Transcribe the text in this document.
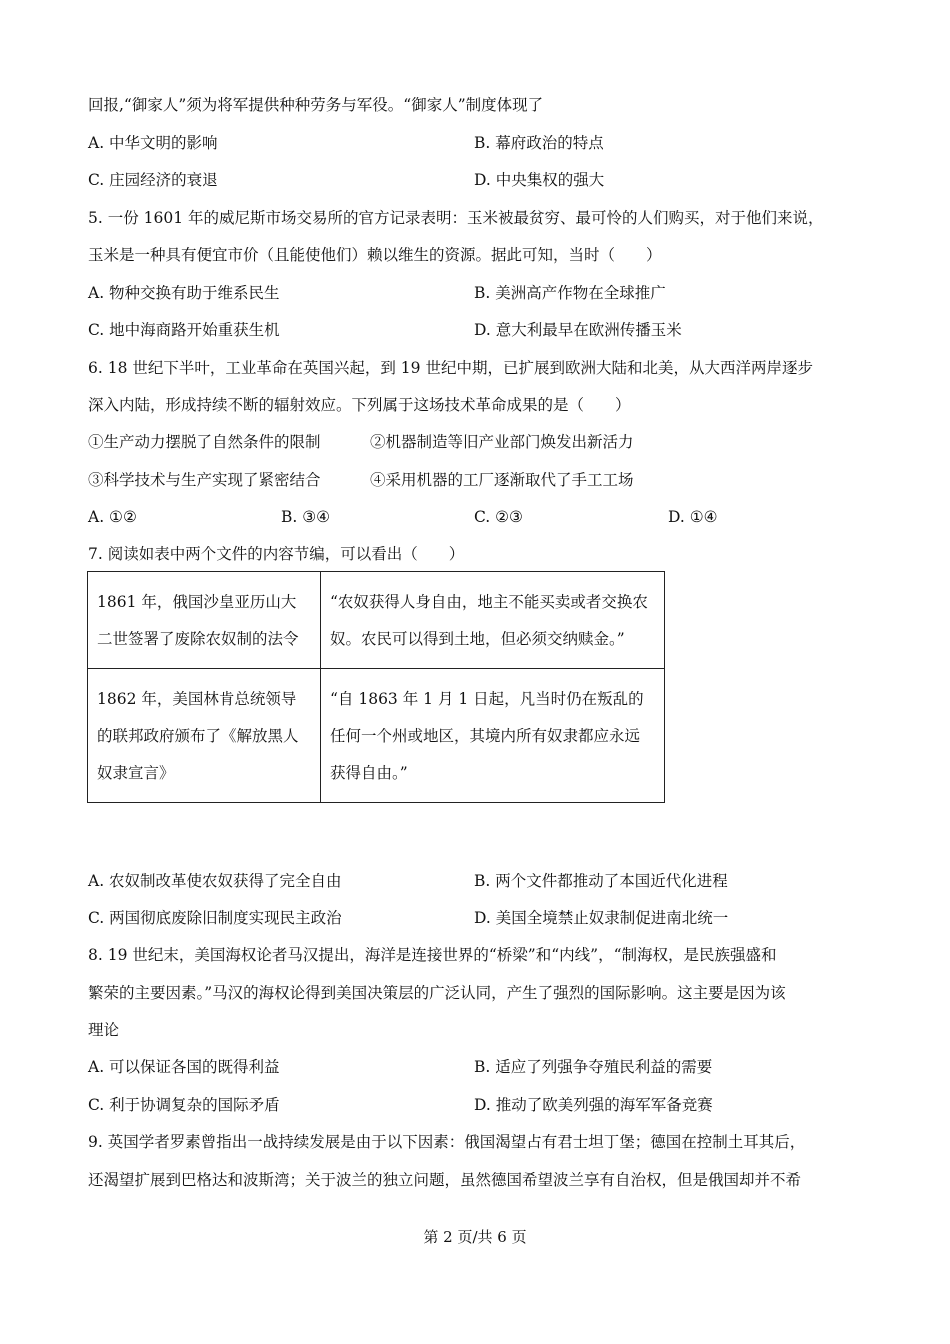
回报,“御家人”须为将军提供种种劳务与军役。“御家人”制度体现了
A. 中华文明的影响	B. 幕府政治的特点
C. 庄园经济的衰退	D. 中央集权的强大
5. 一份 1601 年的威尼斯市场交易所的官方记录表明：玉米被最贫穷、最可怜的人们购买，对于他们来说，
玉米是一种具有便宜市价（且能使他们）赖以维生的资源。据此可知，当时（　　）
A. 物种交换有助于维系民生	B. 美洲高产作物在全球推广
C. 地中海商路开始重获生机	D. 意大利最早在欧洲传播玉米
6. 18 世纪下半叶，工业革命在英国兴起，到 19 世纪中期，已扩展到欧洲大陆和北美，从大西洋两岸逐步
深入内陆，形成持续不断的辐射效应。下列属于这场技术革命成果的是（　　）
①生产动力摆脱了自然条件的限制	②机器制造等旧产业部门焕发出新活力
③科学技术与生产实现了紧密结合	④采用机器的工厂逐渐取代了手工工场
A. ①②	B. ③④	C. ②③	D. ①④
7. 阅读如表中两个文件的内容节编，可以看出（　　）
1861 年，俄国沙皇亚历山大二世签署了废除农奴制的法令	“农奴获得人身自由，地主不能买卖或者交换农奴。农民可以得到土地，但必须交纳赎金。”
1862 年，美国林肯总统领导的联邦政府颁布了《解放黑人奴隶宣言》	“自 1863 年 1 月 1 日起，凡当时仍在叛乱的任何一个州或地区，其境内所有奴隶都应永远获得自由。”
A. 农奴制改革使农奴获得了完全自由	B. 两个文件都推动了本国近代化进程
C. 两国彻底废除旧制度实现民主政治	D. 美国全境禁止奴隶制促进南北统一
8. 19 世纪末，美国海权论者马汉提出，海洋是连接世界的“桥梁”和“内线”，“制海权，是民族强盛和
繁荣的主要因素。”马汉的海权论得到美国决策层的广泛认同，产生了强烈的国际影响。这主要是因为该
理论
A. 可以保证各国的既得利益	B. 适应了列强争夺殖民利益的需要
C. 利于协调复杂的国际矛盾	D. 推动了欧美列强的海军军备竞赛
9. 英国学者罗素曾指出一战持续发展是由于以下因素：俄国渴望占有君士坦丁堡；德国在控制土耳其后，
还渴望扩展到巴格达和波斯湾；关于波兰的独立问题，虽然德国希望波兰享有自治权，但是俄国却并不希
第 2 页/共 6 页
